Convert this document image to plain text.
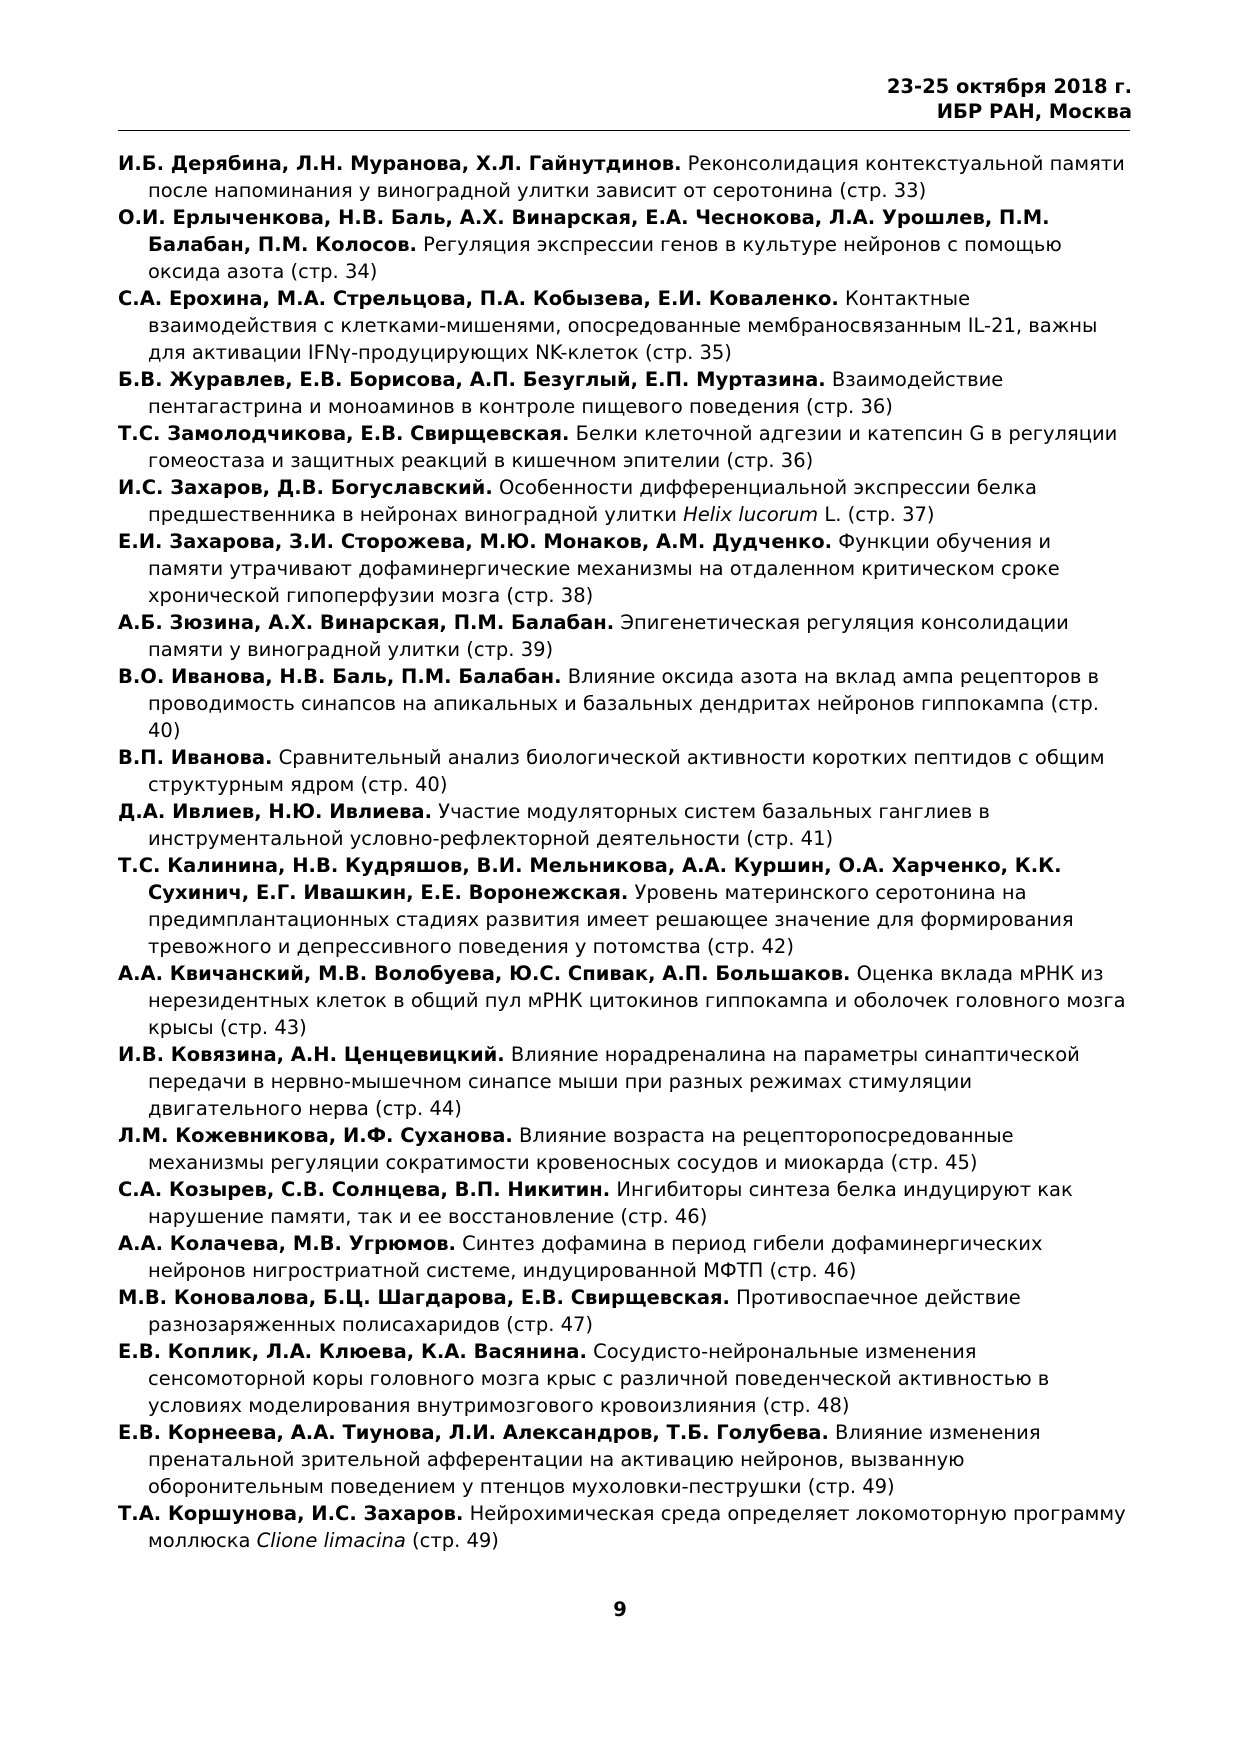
23-25 октября 2018 г.
ИБР РАН, Москва

И.Б. Дерябина, Л.Н. Муранова, Х.Л. Гайнутдинов. Реконсолидация контекстуальной памяти после напоминания у виноградной улитки зависит от серотонина (стр. 33)

О.И. Ерлыченкова, Н.В. Баль, А.Х. Винарская, Е.А. Чеснокова, Л.А. Урошлев, П.М. Балабан, П.М. Колосов. Регуляция экспрессии генов в культуре нейронов с помощью оксида азота (стр. 34)

С.А. Ерохина, М.А. Стрельцова, П.А. Кобызева, Е.И. Коваленко. Контактные взаимодействия с клетками-мишенями, опосредованные мембраносвязанным IL-21, важны для активации IFNγ-продуцирующих NK-клеток (стр. 35)

Б.В. Журавлев, Е.В. Борисова, А.П. Безуглый, Е.П. Муртазина. Взаимодействие пентагастрина и моноаминов в контроле пищевого поведения (стр. 36)

Т.С. Замолодчикова, Е.В. Свирщевская. Белки клеточной адгезии и катепсин G в регуляции гомеостаза и защитных реакций в кишечном эпителии (стр. 36)

И.С. Захаров, Д.В. Богуславский. Особенности дифференциальной экспрессии белка предшественника в нейронах виноградной улитки Helix lucorum L. (стр. 37)

Е.И. Захарова, З.И. Сторожева, М.Ю. Монаков, А.М. Дудченко. Функции обучения и памяти утрачивают дофаминергические механизмы на отдаленном критическом сроке хронической гипоперфузии мозга (стр. 38)

А.Б. Зюзина, А.Х. Винарская, П.М. Балабан. Эпигенетическая регуляция консолидации памяти у виноградной улитки (стр. 39)

В.О. Иванова, Н.В. Баль, П.М. Балабан. Влияние оксида азота на вклад ампа рецепторов в проводимость синапсов на апикальных и базальных дендритах нейронов гиппокампа (стр. 40)

В.П. Иванова. Сравнительный анализ биологической активности коротких пептидов с общим структурным ядром (стр. 40)

Д.А. Ивлиев, Н.Ю. Ивлиева. Участие модуляторных систем базальных ганглиев в инструментальной условно-рефлекторной деятельности (стр. 41)

Т.С. Калинина, Н.В. Кудряшов, В.И. Мельникова, А.А. Куршин, О.А. Харченко, К.К. Сухинич, Е.Г. Ивашкин, Е.Е. Воронежская. Уровень материнского серотонина на предимплантационных стадиях развития имеет решающее значение для формирования тревожного и депрессивного поведения у потомства (стр. 42)

А.А. Квичанский, М.В. Волобуева, Ю.С. Спивак, А.П. Большаков. Оценка вклада мРНК из нерезидентных клеток в общий пул мРНК цитокинов гиппокампа и оболочек головного мозга крысы (стр. 43)

И.В. Ковязина, А.Н. Ценцевицкий. Влияние норадреналина на параметры синаптической передачи в нервно-мышечном синапсе мыши при разных режимах стимуляции двигательного нерва (стр. 44)

Л.М. Кожевникова, И.Ф. Суханова. Влияние возраста на рецепторопосредованные механизмы регуляции сократимости кровеносных сосудов и миокарда (стр. 45)

С.А. Козырев, С.В. Солнцева, В.П. Никитин. Ингибиторы синтеза белка индуцируют как нарушение памяти, так и ее восстановление (стр. 46)

А.А. Колачева, М.В. Угрюмов. Синтез дофамина в период гибели дофаминергических нейронов нигростриатной системе, индуцированной МФТП (стр. 46)

М.В. Коновалова, Б.Ц. Шагдарова, Е.В. Свирщевская. Противоспаечное действие разнозаряженных полисахаридов (стр. 47)

Е.В. Коплик, Л.А. Клюева, К.А. Васянина. Сосудисто-нейрональные изменения сенсомоторной коры головного мозга крыс с различной поведенческой активностью в условиях моделирования внутримозгового кровоизлияния (стр. 48)

Е.В. Корнеева, А.А. Тиунова, Л.И. Александров, Т.Б. Голубева. Влияние изменения пренатальной зрительной афферентации на активацию нейронов, вызванную оборонительным поведением у птенцов мухоловки-пеструшки (стр. 49)

Т.А. Коршунова, И.С. Захаров. Нейрохимическая среда определяет локомоторную программу моллюска Clione limacina (стр. 49)

9
